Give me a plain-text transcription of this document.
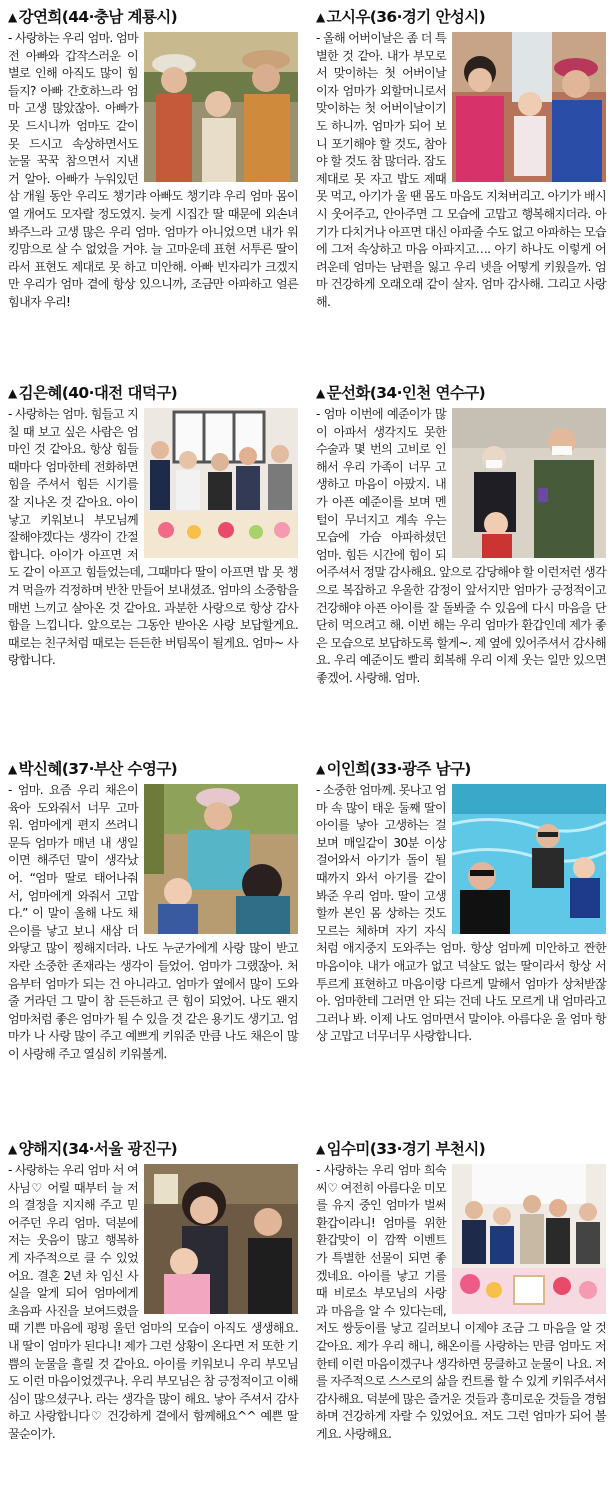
▲ 강연희(44·충남 계룡시)
- 사랑하는 우리 엄마. 엄마 전 아빠와 갑작스러운 이별로 인해 아직도 많이 힘들지? 아빠 간호하느라 엄마 고생 많았잖아. 아빠가 못 드시니까 엄마도 같이 못 드시고 속상하면서도 눈물 꾹꾹 참으면서 지낸 거 알아. 아빠가 누워있던 삼 개월 동안 우리도 챙기랴 아빠도 챙기랴 우리 엄마 몸이 열 개여도 모자랄 정도였지. 늦게 시집간 딸 때문에 외손녀 봐주느라 고생 많은 우리 엄마. 엄마가 아니었으면 내가 워킹맘으로 살 수 없었을 거야. 늘 고마운데 표현 서투른 딸이라서 표현도 제대로 못 하고 미안해. 아빠 빈자리가 크겠지만 우리가 엄마 곁에 항상 있으니까, 조금만 아파하고 얼른 힘내자 우리!
▲ 고시우(36·경기 안성시)
- 올해 어버이날은 좀 더 특별한 것 같아. 내가 부모로서 맞이하는 첫 어버이날이자 엄마가 외할머니로서 맞이하는 첫 어버이날이기도 하니까. 엄마가 되어 보니 포기해야 할 것도, 참아야 할 것도 참 많더라. 잠도 제대로 못 자고 밥도 제때 못 먹고, 아기가 울 땐 몸도 마음도 지쳐버리고. 아기가 배시시 웃어주고, 안아주면 그 모습에 고맙고 행복해지더라. 아기가 다치거나 아프면 대신 아파줄 수도 없고 아파하는 모습에 그저 속상하고 마음 아파지고…. 아기 하나도 이렇게 어려운데 엄마는 남편을 잃고 우리 넷을 어떻게 키웠을까. 엄마 건강하게 오래오래 같이 살자. 엄마 감사해. 그리고 사랑해.
▲ 김은혜(40·대전 대덕구)
- 사랑하는 엄마. 힘들고 지칠 때 보고 싶은 사람은 엄마인 것 같아요. 항상 힘들 때마다 엄마한테 전화하면 힘을 주셔서 힘든 시기를 잘 지나온 것 같아요. 아이 낳고 키워보니 부모님께 잘해야겠다는 생각이 간절합니다. 아이가 아프면 저도 같이 아프고 힘들었는데, 그때마다 딸이 아프면 밥 못 챙겨 먹을까 걱정하며 반찬 만들어 보내셨죠. 엄마의 소중함을 매번 느끼고 살아온 것 같아요. 과분한 사랑으로 항상 감사함을 느낍니다. 앞으로는 그동안 받아온 사랑 보답할게요. 때로는 친구처럼 때로는 든든한 버팀목이 될게요. 엄마~ 사랑합니다.
▲ 문선화(34·인천 연수구)
- 엄마 이번에 예준이가 많이 아파서 생각지도 못한 수술과 몇 번의 고비로 인해서 우리 가족이 너무 고생하고 마음이 아팠지. 내가 아픈 예준이를 보며 멘털이 무너지고 계속 우는 모습에 가슴 아파하셨던 엄마. 힘든 시간에 힘이 되어주셔서 정말 감사해요. 앞으로 감당해야 할 이런저런 생각으로 복잡하고 우울한 감정이 앞서지만 엄마가 긍정적이고 건강해야 아픈 아이를 잘 돌봐줄 수 있음에 다시 마음을 단단히 먹으려고 해. 이번 해는 우리 엄마가 환갑인데 제가 좋은 모습으로 보답하도록 할게~. 제 옆에 있어주셔서 감사해요. 우리 예준이도 빨리 회복해 우리 이제 웃는 일만 있으면 좋겠어. 사랑해. 엄마.
▲ 박신혜(37·부산 수영구)
- 엄마. 요즘 우리 채은이 육아 도와줘서 너무 고마워. 엄마에게 편지 쓰려니 문득 엄마가 매년 내 생일이면 해주던 말이 생각났어. “엄마 딸로 태어나줘서, 엄마에게 와줘서 고맙다.” 이 말이 올해 나도 채은이를 낳고 보니 새삼 더 와닿고 많이 찡해지더라. 나도 누군가에게 사랑 많이 받고 자란 소중한 존재라는 생각이 들었어. 엄마가 그랬잖아. 처음부터 엄마가 되는 건 아니라고. 엄마가 옆에서 많이 도와줄 거라던 그 말이 참 든든하고 큰 힘이 되었어. 나도 왠지 엄마처럼 좋은 엄마가 될 수 있을 것 같은 용기도 생기고. 엄마가 나 사랑 많이 주고 예쁘게 키워준 만큼 나도 채은이 많이 사랑해 주고 열심히 키워볼게.
▲ 이인희(33·광주 남구)
- 소중한 엄마께. 못나고 엄마 속 많이 태운 둘째 딸이 아이를 낳아 고생하는 걸 보며 매일같이 30분 이상 걸어와서 아기가 돌이 될 때까지 와서 아기를 같이 봐준 우리 엄마. 딸이 고생할까 본인 몸 상하는 것도 모르는 체하며 자기 자식처럼 애지중지 도와주는 엄마. 항상 엄마께 미안하고 짠한 마음이야. 내가 애교가 없고 넉살도 없는 딸이라서 항상 서투르게 표현하고 마음이랑 다르게 말해서 엄마가 상처받잖아. 엄마한테 그러면 안 되는 건데 나도 모르게 내 엄마라고 그러나 봐. 이제 나도 엄마면서 말이야. 아름다운 울 엄마 항상 고맙고 너무너무 사랑합니다.
▲ 양해지(34·서울 광진구)
- 사랑하는 우리 엄마 서 여사님♡ 어릴 때부터 늘 저의 결정을 지지해 주고 믿어주던 우리 엄마. 덕분에 저는 웃음이 많고 행복하게 자주적으로 클 수 있었어요. 결혼 2년 차 임신 사실을 알게 되어 엄마에게 초음파 사진을 보여드렸을 때 기쁜 마음에 펑펑 울던 엄마의 모습이 아직도 생생해요. 내 딸이 엄마가 된다니! 제가 그런 상황이 온다면 저 또한 기쁨의 눈물을 흘릴 것 같아요. 아이를 키워보니 우리 부모님도 이런 마음이었겠구나. 우리 부모님은 참 긍정적이고 이해심이 많으셨구나. 라는 생각을 많이 해요. 낳아 주셔서 감사하고 사랑합니다♡ 건강하게 곁에서 함께해요^^ 예쁜 딸 꿀순이가.
▲ 임수미(33·경기 부천시)
- 사랑하는 우리 엄마 희숙씨♡ 여전히 아름다운 미모를 유지 중인 엄마가 벌써 환갑이라니! 엄마를 위한 환갑맞이 이 깜짝 이벤트가 특별한 선물이 되면 좋겠네요. 아이를 낳고 기를 때 비로소 부모님의 사랑과 마음을 알 수 있다는데, 저도 쌍둥이를 낳고 길러보니 이제야 조금 그 마음을 알 것 같아요. 제가 우리 해니, 해온이를 사랑하는 만큼 엄마도 저한테 이런 마음이겠구나 생각하면 뭉클하고 눈물이 나요. 저를 자주적으로 스스로의 삶을 컨트롤 할 수 있게 키워주셔서 감사해요. 덕분에 많은 즐거운 것들과 흥미로운 것들을 경험하며 건강하게 자랄 수 있었어요. 저도 그런 엄마가 되어 볼게요. 사랑해요.
